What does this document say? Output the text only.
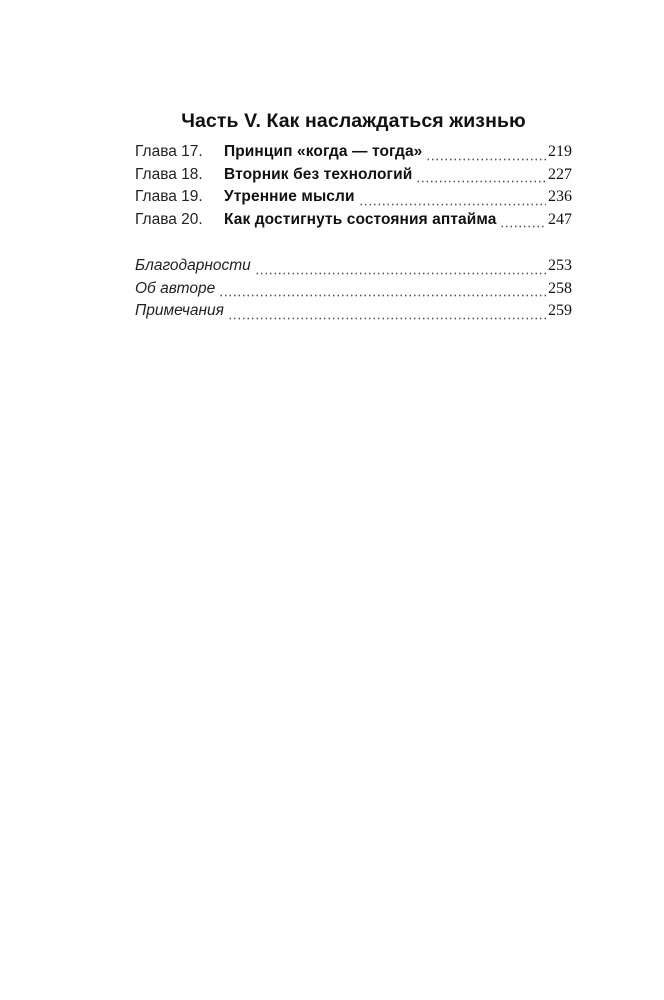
Часть V. Как наслаждаться жизнью
Глава 17.	Принцип «когда — тогда»	219
Глава 18.	Вторник без технологий	227
Глава 19.	Утренние мысли	236
Глава 20.	Как достигнуть состояния аптайма	247
Благодарности	253
Об авторе	258
Примечания	259
